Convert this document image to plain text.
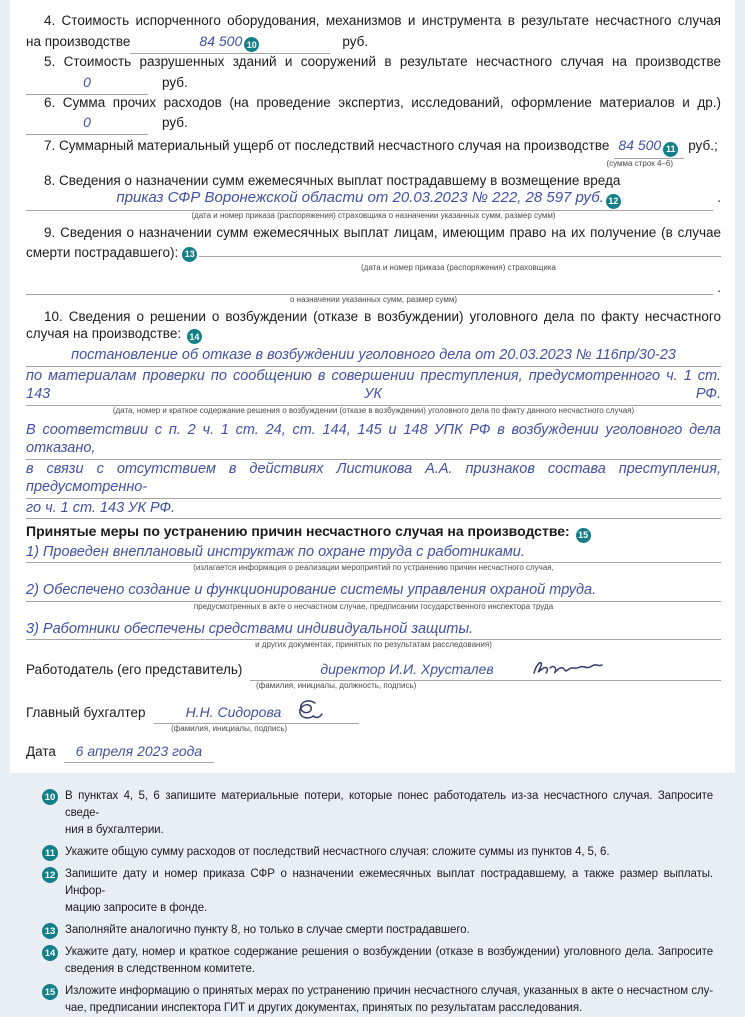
4. Стоимость испорченного оборудования, механизмов и инструмента в результате несчастного случая
на производстве	84 500 10	руб.
5. Стоимость разрушенных зданий и сооружений в результате несчастного случая на производстве
0	руб.
6. Сумма прочих расходов (на проведение экспертиз, исследований, оформление материалов и др.)
0	руб.
7. Суммарный материальный ущерб от последствий несчастного случая на производстве 84 500 11 руб.;
(сумма строк 4–6)
8. Сведения о назначении сумм ежемесячных выплат пострадавшему в возмещение вреда
приказ СФР Воронежской области от 20.03.2023 № 222, 28 597 руб. 12	.
(дата и номер приказа (распоряжения) страховщика о назначении указанных сумм, размер сумм)
9. Сведения о назначении сумм ежемесячных выплат лицам, имеющим право на их получение (в случае
смерти пострадавшего): 13
(дата и номер приказа (распоряжения) страховщика
.
о назначении указанных сумм, размер сумм)
10. Сведения о решении о возбуждении (отказе в возбуждении) уголовного дела по факту несчастного
случая на производстве: 14
постановление об отказе в возбуждении уголовного дела от 20.03.2023 № 116пр/30-23
по материалам проверки по сообщению в совершении преступления, предусмотренного ч. 1 ст. 143 УК РФ.
(дата, номер и краткое содержание решения о возбуждении (отказе в возбуждении) уголовного дела по факту данного несчастного случая)
В соответствии с п. 2 ч. 1 ст. 24, ст. 144, 145 и 148 УПК РФ в возбуждении уголовного дела отказано,
в связи с отсутствием в действиях Листикова А.А. признаков состава преступления, предусмотренно-
го ч. 1 ст. 143 УК РФ.
Принятые меры по устранению причин несчастного случая на производстве: 15
1) Проведен внеплановый инструктаж по охране труда с работниками.
(излагается информация о реализации мероприятий по устранению причин несчастного случая,
2) Обеспечено создание и функционирование системы управления охраной труда.
предусмотренных в акте о несчастном случае, предписании государственного инспектора труда
3) Работники обеспечены средствами индивидуальной защиты.
и других документах, принятых по результатам расследования)
Работодатель (его представитель)	директор И.И. Хрусталев
(фамилия, инициалы, должность, подпись)
Главный бухгалтер	Н.Н. Сидорова
(фамилия, инициалы, подпись)
Дата 6 апреля 2023 года
10 В пунктах 4, 5, 6 запишите материальные потери, которые понес работодатель из-за несчастного случая. Запросите сведе-
ния в бухгалтерии.
11 Укажите общую сумму расходов от последствий несчастного случая: сложите суммы из пунктов 4, 5, 6.
12 Запишите дату и номер приказа СФР о назначении ежемесячных выплат пострадавшему, а также размер выплаты. Инфор-
мацию запросите в фонде.
13 Заполняйте аналогично пункту 8, но только в случае смерти пострадавшего.
14 Укажите дату, номер и краткое содержание решения о возбуждении (отказе в возбуждении) уголовного дела. Запросите
сведения в следственном комитете.
15 Изложите информацию о принятых мерах по устранению причин несчастного случая, указанных в акте о несчастном слу-
чае, предписании инспектора ГИТ и других документах, принятых по результатам расследования.
